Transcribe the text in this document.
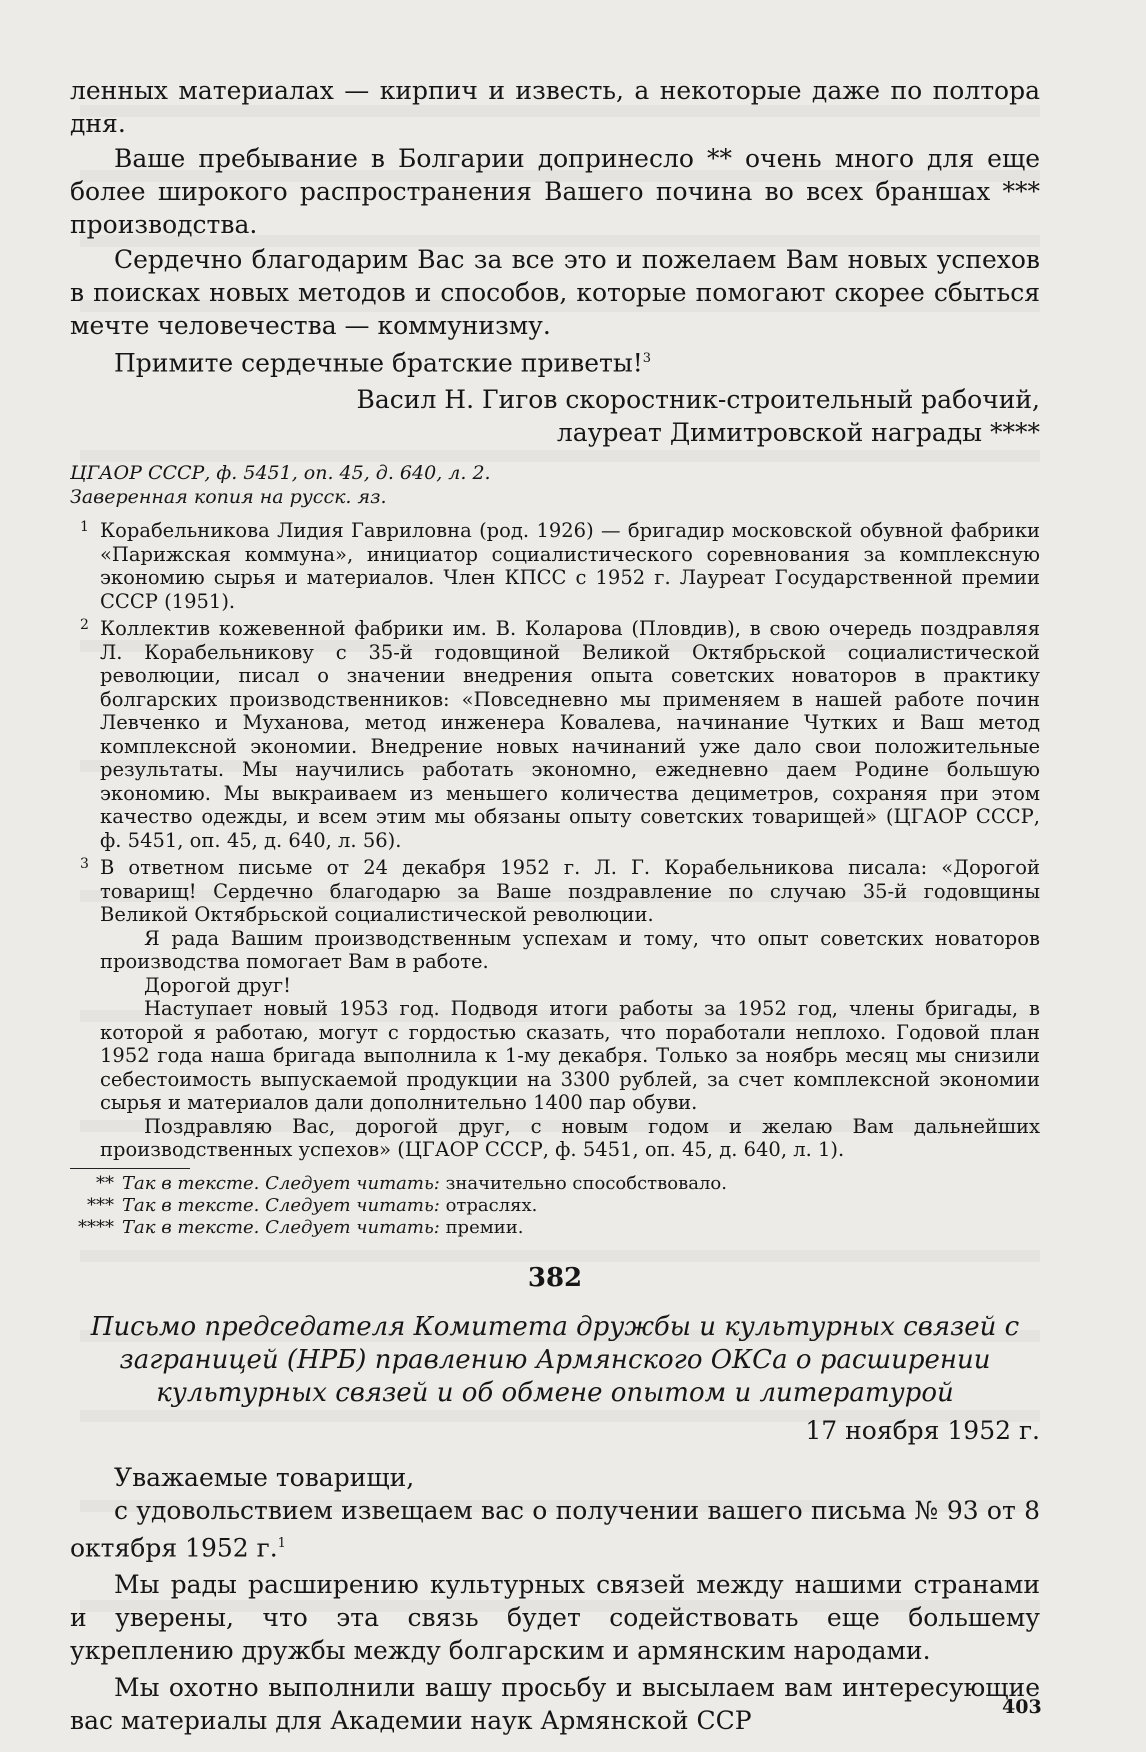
ленных материалах — кирпич и известь, а некоторые даже по полтора дня.

Ваше пребывание в Болгарии допринесло ** очень много для еще более широкого распространения Вашего почина во всех браншах *** производства.

Сердечно благодарим Вас за все это и пожелаем Вам новых успехов в поисках новых методов и способов, которые помогают скорее сбыться мечте человечества — коммунизму.

Примите сердечные братские приветы!$^3$

Васил Н. Гигов скоростник-строительный рабочий,

лауреат Димитровской награды ****

ЦГАОР СССР, ф. 5451, оп. 45, д. 640, л. 2.

Заверенная копия на русск. яз.

1 Корабельникова Лидия Гавриловна (род. 1926) — бригадир московской обувной фабрики «Парижская коммуна», инициатор социалистического соревнования за комплексную экономию сырья и материалов. Член КПСС с 1952 г. Лауреат Государственной премии СССР (1951).

2 Коллектив кожевенной фабрики им. В. Коларова (Пловдив), в свою очередь поздравляя Л. Корабельникову с 35-й годовщиной Великой Октябрьской социалистической революции, писал о значении внедрения опыта советских новаторов в практику болгарских производственников: «Повседневно мы применяем в нашей работе почин Левченко и Муханова, метод инженера Ковалева, начинание Чутких и Ваш метод комплексной экономии. Внедрение новых начинаний уже дало свои положительные результаты. Мы научились работать экономно, ежедневно даем Родине большую экономию. Мы выкраиваем из меньшего количества дециметров, сохраняя при этом качество одежды, и всем этим мы обязаны опыту советских товарищей» (ЦГАОР СССР, ф. 5451, оп. 45, д. 640, л. 56).

3 В ответном письме от 24 декабря 1952 г. Л. Г. Корабельникова писала: «Дорогой товарищ! Сердечно благодарю за Ваше поздравление по случаю 35-й годовщины Великой Октябрьской социалистической революции.

Я рада Вашим производственным успехам и тому, что опыт советских новаторов производства помогает Вам в работе.

Дорогой друг!

Наступает новый 1953 год. Подводя итоги работы за 1952 год, члены бригады, в которой я работаю, могут с гордостью сказать, что поработали неплохо. Годовой план 1952 года наша бригада выполнила к 1-му декабря. Только за ноябрь месяц мы снизили себестоимость выпускаемой продукции на 3300 рублей, за счет комплексной экономии сырья и материалов дали дополнительно 1400 пар обуви.

Поздравляю Вас, дорогой друг, с новым годом и желаю Вам дальнейших производственных успехов» (ЦГАОР СССР, ф. 5451, оп. 45, д. 640, л. 1).

** Так в тексте. Следует читать: значительно способствовало.

*** Так в тексте. Следует читать: отраслях.

**** Так в тексте. Следует читать: премии.

382

Письмо председателя Комитета дружбы и культурных связей с заграницей (НРБ) правлению Армянского ОКСа о расширении культурных связей и об обмене опытом и литературой

17 ноября 1952 г.

Уважаемые товарищи,

с удовольствием извещаем вас о получении вашего письма № 93 от 8 октября 1952 г.$^1$

Мы рады расширению культурных связей между нашими странами и уверены, что эта связь будет содействовать еще большему укреплению дружбы между болгарским и армянским народами.

Мы охотно выполнили вашу просьбу и высылаем вам интересующие вас материалы для Академии наук Армянской ССР	403
